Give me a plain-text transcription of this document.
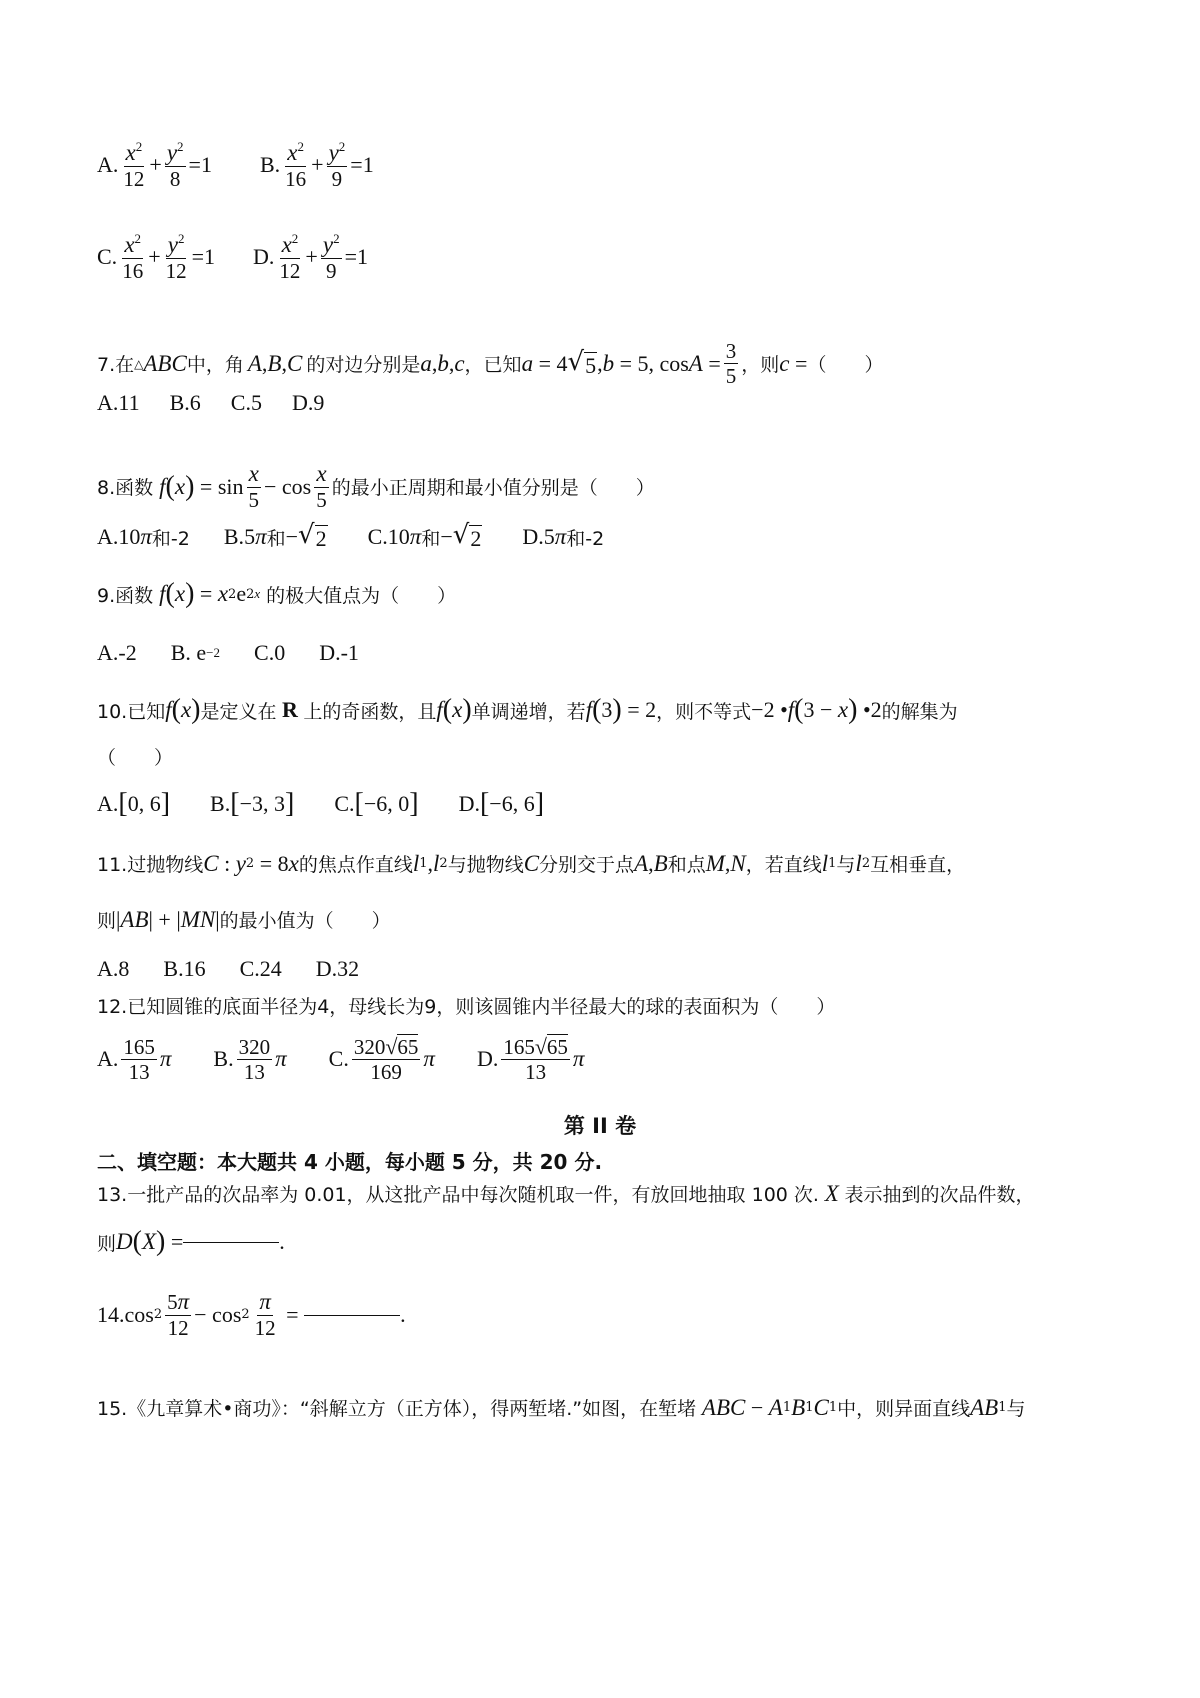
A. $\frac{x^2}{12} + \frac{y^2}{8} =1$ B. $\frac{x^2}{16} + \frac{y^2}{9} =1$
C. $\frac{x^2}{16} + \frac{y^2}{12} =1$ D. $\frac{x^2}{12} + \frac{y^2}{9} =1$
7.在 △ ABC 中，角 A , B , C 的对边分别是 a , b , c ，已知 a = 4 √ 5 , b = 5, $\cos A = \frac{3}{5}$ ，则 c = （　　）
A.11 B.6 C.5 D.9
8.函数 f ( x ) = $\sin \frac{x}{5} - \cos \frac{x}{5}$ 的最小正周期和最小值分别是（　　）
A. 10 π 和-2 B. 5 π 和 − √ 2 C. 10 π 和 − √ 2 D. 5 π 和-2
9.函数 f ( x ) = x 2 e 2x 的极大值点为（　　）
A.-2 B. e −2 C.0 D.-1
10.已知 f ( x ) 是定义在 R 上的奇函数，且 f ( x ) 单调递增，若 f ( 3 ) = 2 ，则不等式 −2 • f ( 3 − x ) •2 的解集为
（　　）
A. [ 0, 6 ] B. [ −3, 3 ] C. [ −6, 0 ] D. [ −6, 6 ]
11.过抛物线 C : y 2 = 8 x 的焦点作直线 l 1 , l 2 与抛物线 C 分别交于点 A , B 和点 M , N ，若直线 l 1 与 l 2 互相垂直，
则 | AB | + | MN | 的最小值为（　　）
A.8 B.16 C.24 D.32
12.已知圆锥的底面半径为4，母线长为9，则该圆锥内半径最大的球的表面积为（　　）
A. $\frac{165}{13}$ π B. $\frac{320}{13}$ π C. $\frac{320√65}{169}$ π D. $\frac{165√65}{13}$ π
第 II 卷
二、填空题：本大题共 4 小题，每小题 5 分，共 20 分.
13.一批产品的次品率为 0.01，从这批产品中每次随机取一件，有放回地抽取 100 次. X 表示抽到的次品件数，
则 D ( X ) =	.
14. $\cos 2 \frac{5\pi}{12} - \cos 2 \frac{\pi}{12}$ =	.
15.《九章算术•商功》：“斜解立方（正方体），得两堑堵.”如图，在堑堵 ABC − A 1 B 1 C 1 中，则异面直线 AB 1 与
